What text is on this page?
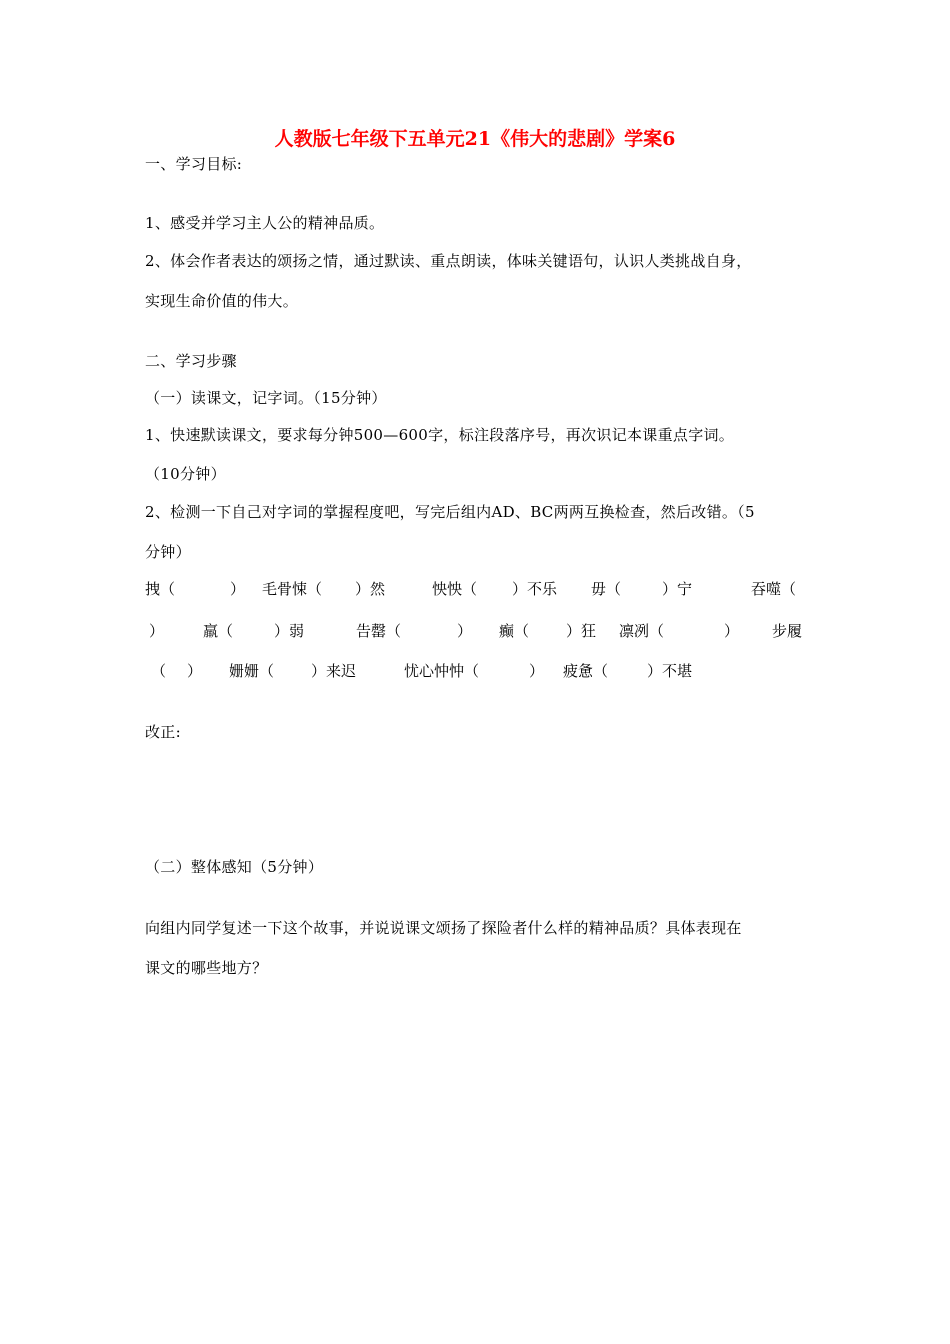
人教版七年级下五单元21《伟大的悲剧》学案6
一、学习目标:
1、感受并学习主人公的精神品质。
2、体会作者表达的颂扬之情，通过默读、重点朗读，体味关键语句，认识人类挑战自身，
实现生命价值的伟大。
二、学习步骤
（一）读课文，记字词。（15分钟）
1、快速默读课文，要求每分钟500—600字，标注段落序号，再次识记本课重点字词。
（10分钟）
2、检测一下自己对字词的掌握程度吧，写完后组内AD、BC两两互换检查，然后改错。（5
分钟）
拽（	） 毛骨悚（ ）然	怏怏（ ）不乐 毋（	）宁	吞噬（
）	羸（	）弱	告罄（	） 癫（ ）狂 凛冽（	） 步履
（ ） 姗姗（ ）来迟	忧心忡忡（	） 疲惫（	）不堪
改正:
（二）整体感知（5分钟）
向组内同学复述一下这个故事，并说说课文颂扬了探险者什么样的精神品质？具体表现在
课文的哪些地方？
